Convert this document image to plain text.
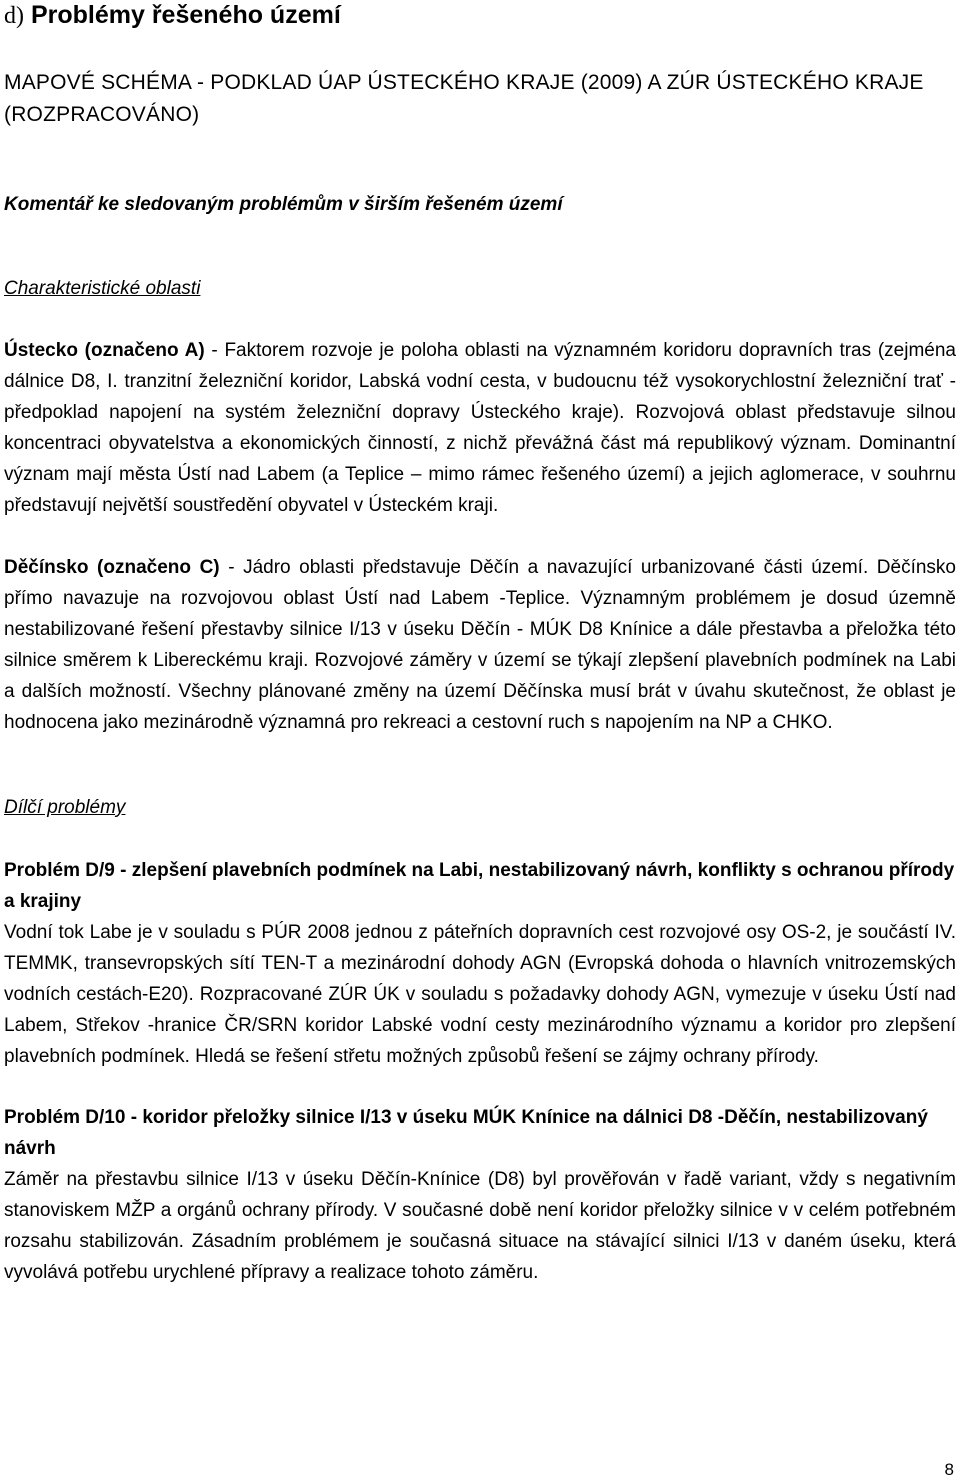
d) Problémy řešeného území
MAPOVÉ SCHÉMA - PODKLAD ÚAP ÚSTECKÉHO KRAJE (2009) A ZÚR ÚSTECKÉHO KRAJE (ROZPRACOVÁNO)
Komentář ke sledovaným problémům v širším řešeném území
Charakteristické oblasti

Ústecko (označeno A) - Faktorem rozvoje je poloha oblasti na významném koridoru dopravních tras (zejména dálnice D8, I. tranzitní železniční koridor, Labská vodní cesta, v budoucnu též vysokorychlostní železniční trať - předpoklad napojení na systém železniční dopravy Ústeckého kraje). Rozvojová oblast představuje silnou koncentraci obyvatelstva a ekonomických činností, z nichž převážná část má republikový význam. Dominantní význam mají města Ústí nad Labem (a Teplice – mimo rámec řešeného území) a jejich aglomerace, v souhrnu představují největší soustředění obyvatel v Ústeckém kraji.

Děčínsko (označeno C) - Jádro oblasti představuje Děčín a navazující urbanizované části území. Děčínsko přímo navazuje na rozvojovou oblast Ústí nad Labem -Teplice. Významným problémem je dosud územně nestabilizované řešení přestavby silnice I/13 v úseku Děčín - MÚK D8 Knínice a dále přestavba a přeložka této silnice směrem k Libereckému kraji. Rozvojové záměry v území se týkají zlepšení plavebních podmínek na Labi a dalších možností. Všechny plánované změny na území Děčínska musí brát v úvahu skutečnost, že oblast je hodnocena jako mezinárodně významná pro rekreaci a cestovní ruch s napojením na NP a CHKO.

Dílčí problémy
Problém D/9 - zlepšení plavebních podmínek na Labi, nestabilizovaný návrh, konflikty s ochranou přírody a krajiny

Vodní tok Labe je v souladu s PÚR 2008 jednou z páteřních dopravních cest rozvojové osy OS-2, je součástí IV. TEMMK, transevropských sítí TEN-T a mezinárodní dohody AGN (Evropská dohoda o hlavních vnitrozemských vodních cestách-E20). Rozpracované ZÚR ÚK v souladu s požadavky dohody AGN, vymezuje v úseku Ústí nad Labem, Střekov -hranice ČR/SRN koridor Labské vodní cesty mezinárodního významu a koridor pro zlepšení plavebních podmínek. Hledá se řešení střetu možných způsobů řešení se zájmy ochrany přírody.

Problém D/10 - koridor přeložky silnice I/13 v úseku MÚK Knínice na dálnici D8 -Děčín, nestabilizovaný návrh

Záměr na přestavbu silnice I/13 v úseku Děčín-Knínice (D8) byl prověřován v řadě variant, vždy s negativním stanoviskem MŽP a orgánů ochrany přírody. V současné době není koridor přeložky silnice v v celém potřebném rozsahu stabilizován. Zásadním problémem je současná situace na stávající silnici I/13 v daném úseku, která vyvolává potřebu urychlené přípravy a realizace tohoto záměru.

8
